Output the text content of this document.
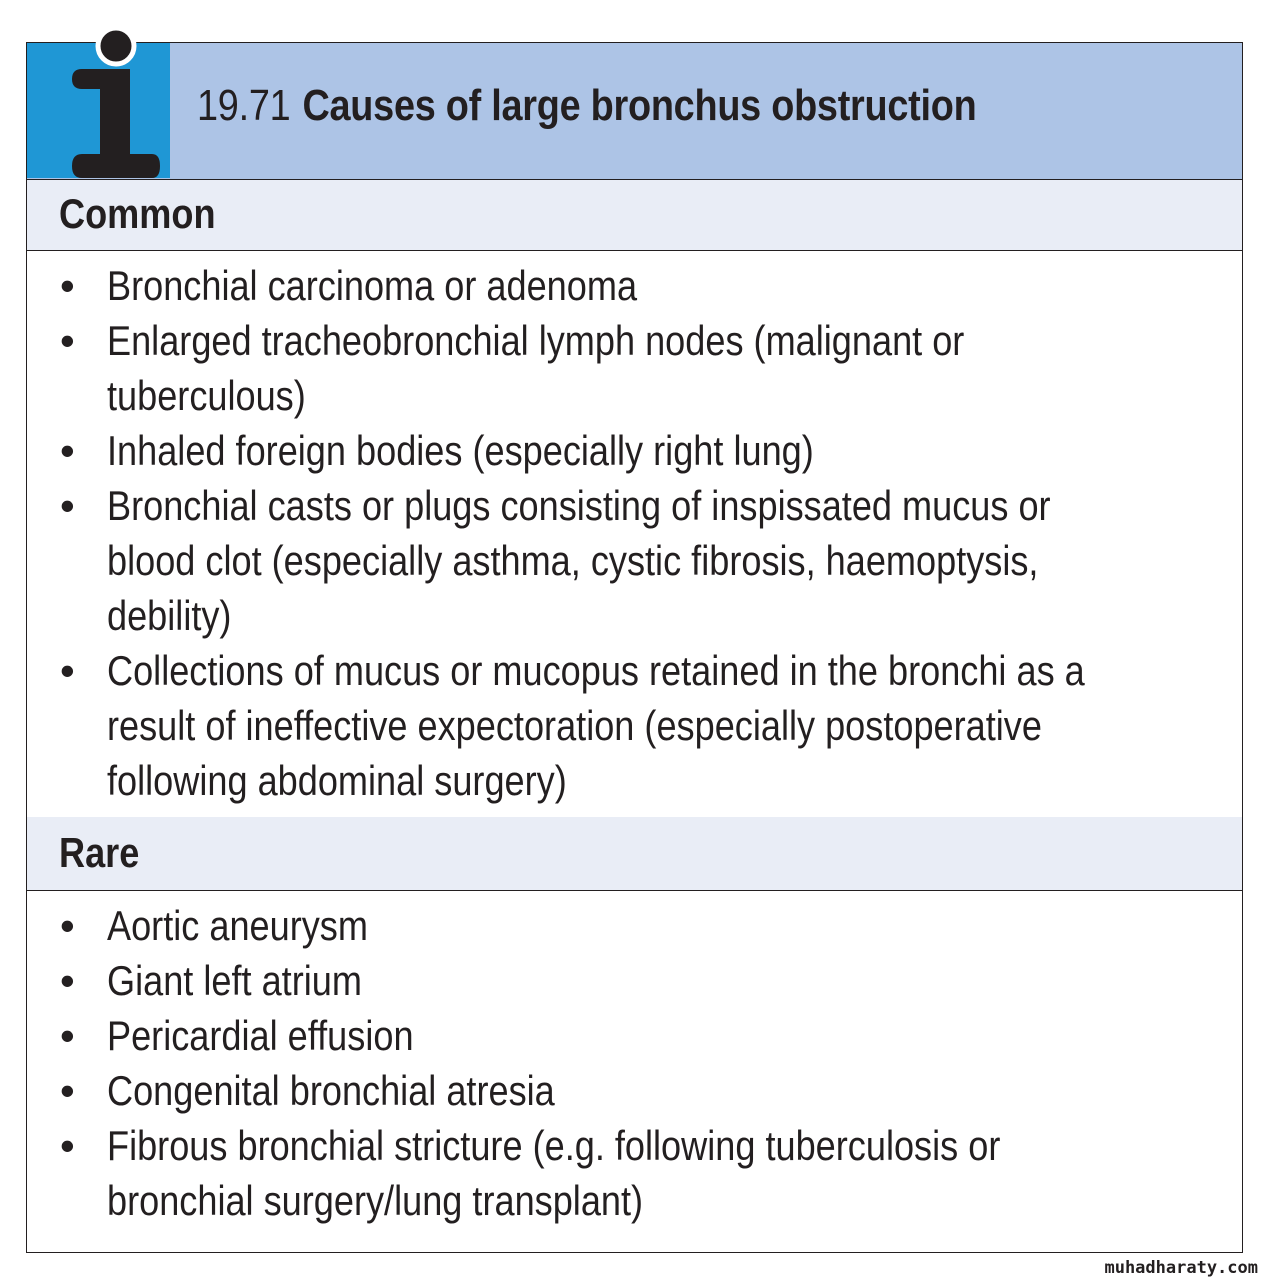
19.71 Causes of large bronchus obstruction
Common
• Bronchial carcinoma or adenoma
• Enlarged tracheobronchial lymph nodes (malignant or
tuberculous)
• Inhaled foreign bodies (especially right lung)
• Bronchial casts or plugs consisting of inspissated mucus or
blood clot (especially asthma, cystic fibrosis, haemoptysis,
debility)
• Collections of mucus or mucopus retained in the bronchi as a
result of ineffective expectoration (especially postoperative
following abdominal surgery)
Rare
• Aortic aneurysm
• Giant left atrium
• Pericardial effusion
• Congenital bronchial atresia
• Fibrous bronchial stricture (e.g. following tuberculosis or
bronchial surgery/lung transplant)
muhadharaty.com
